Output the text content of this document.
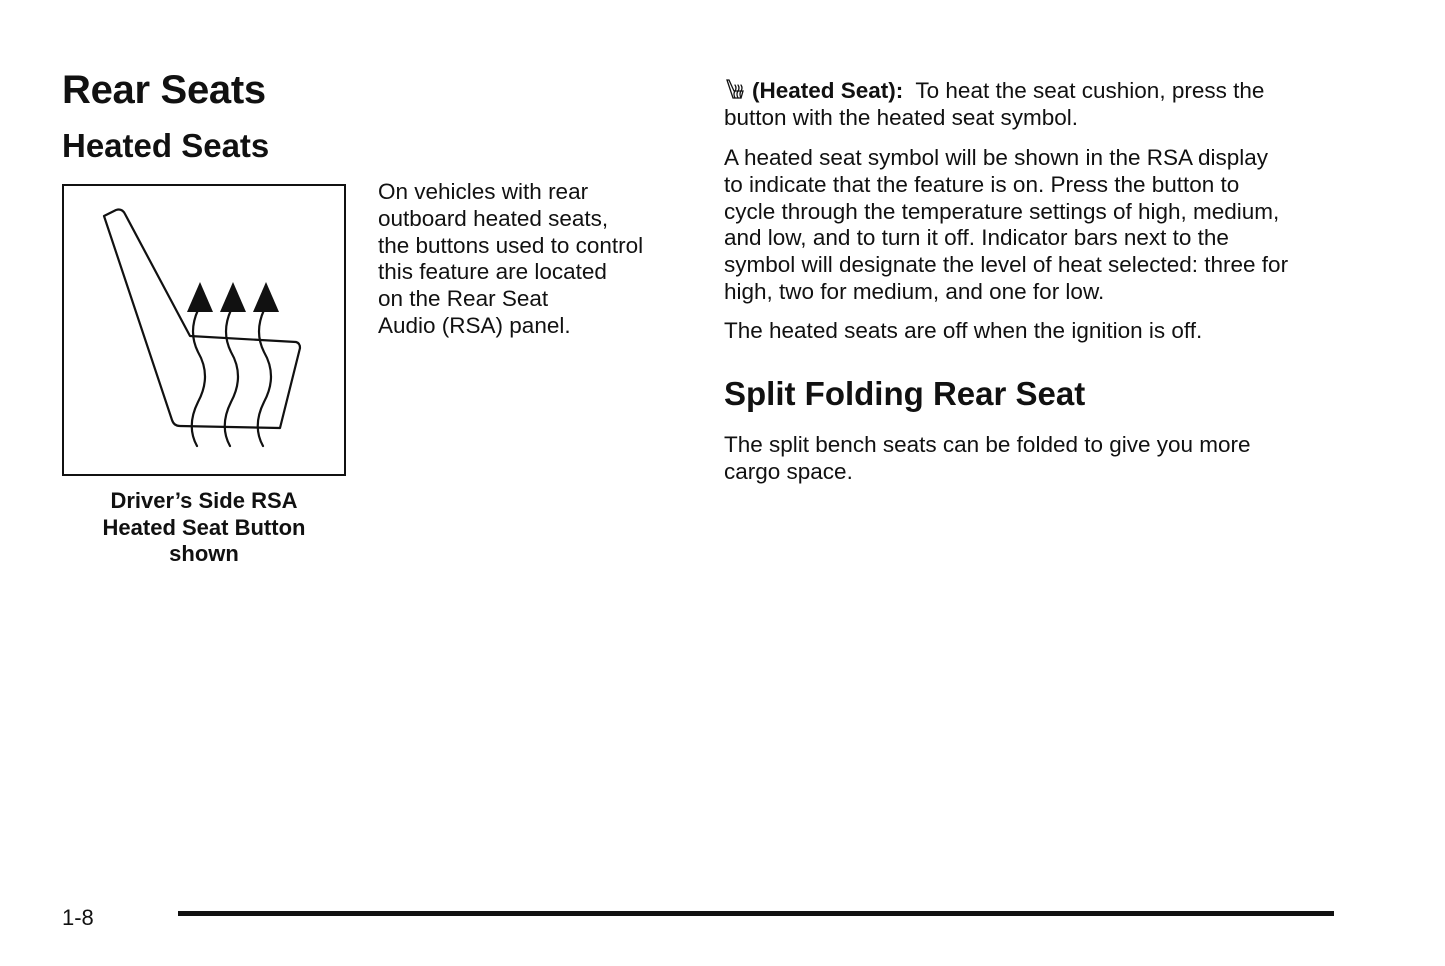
Rear Seats
Heated Seats

Driver’s Side RSA
Heated Seat Button
shown

On vehicles with rear
outboard heated seats,
the buttons used to control
this feature are located
on the Rear Seat
Audio (RSA) panel.

(Heated Seat): To heat the seat cushion, press the
button with the heated seat symbol.

A heated seat symbol will be shown in the RSA display
to indicate that the feature is on. Press the button to
cycle through the temperature settings of high, medium,
and low, and to turn it off. Indicator bars next to the
symbol will designate the level of heat selected: three for
high, two for medium, and one for low.

The heated seats are off when the ignition is off.

Split Folding Rear Seat

The split bench seats can be folded to give you more
cargo space.

1-8
